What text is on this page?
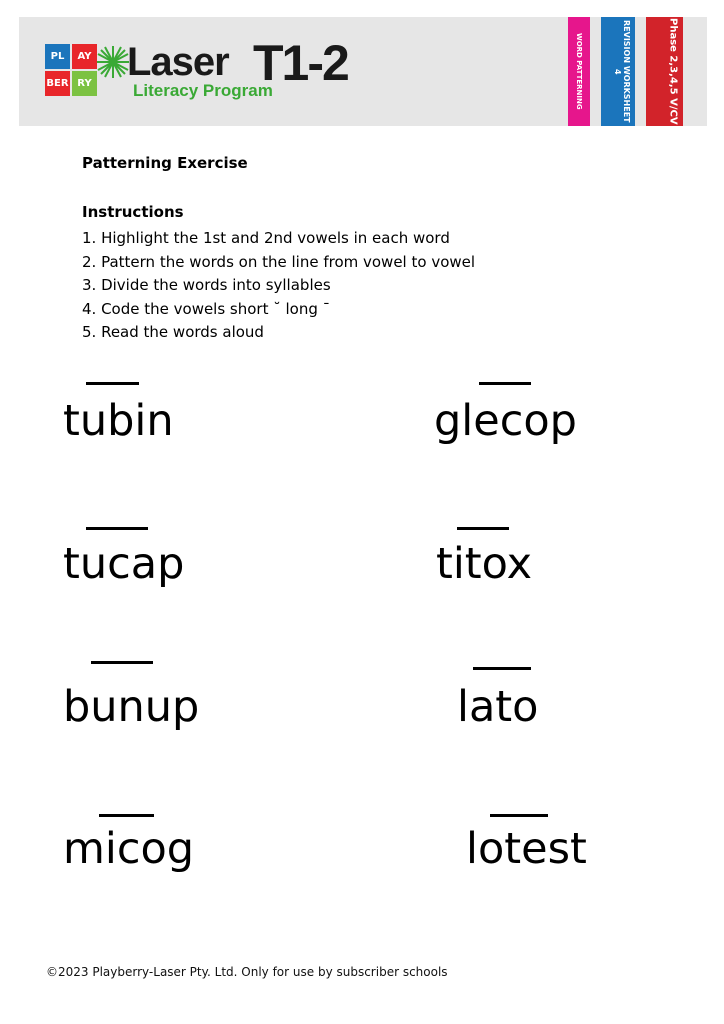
PL	AY
BER RY Laser T1-2
Literacy Program	WORD PATTERNING	REVISION WORKSHEET 4	Phase 2,3,4,5 V/CV
Patterning Exercise
Instructions
1. Highlight the 1st and 2nd vowels in each word
2. Pattern the words on the line from vowel to vowel
3. Divide the words into syllables
4. Code the vowels short ˘ long ¯
5. Read the words aloud
tubin	glecop
tucap	titox
bunup	lato
micog	lotest
©2023 Playberry-Laser Pty. Ltd. Only for use by subscriber schools
